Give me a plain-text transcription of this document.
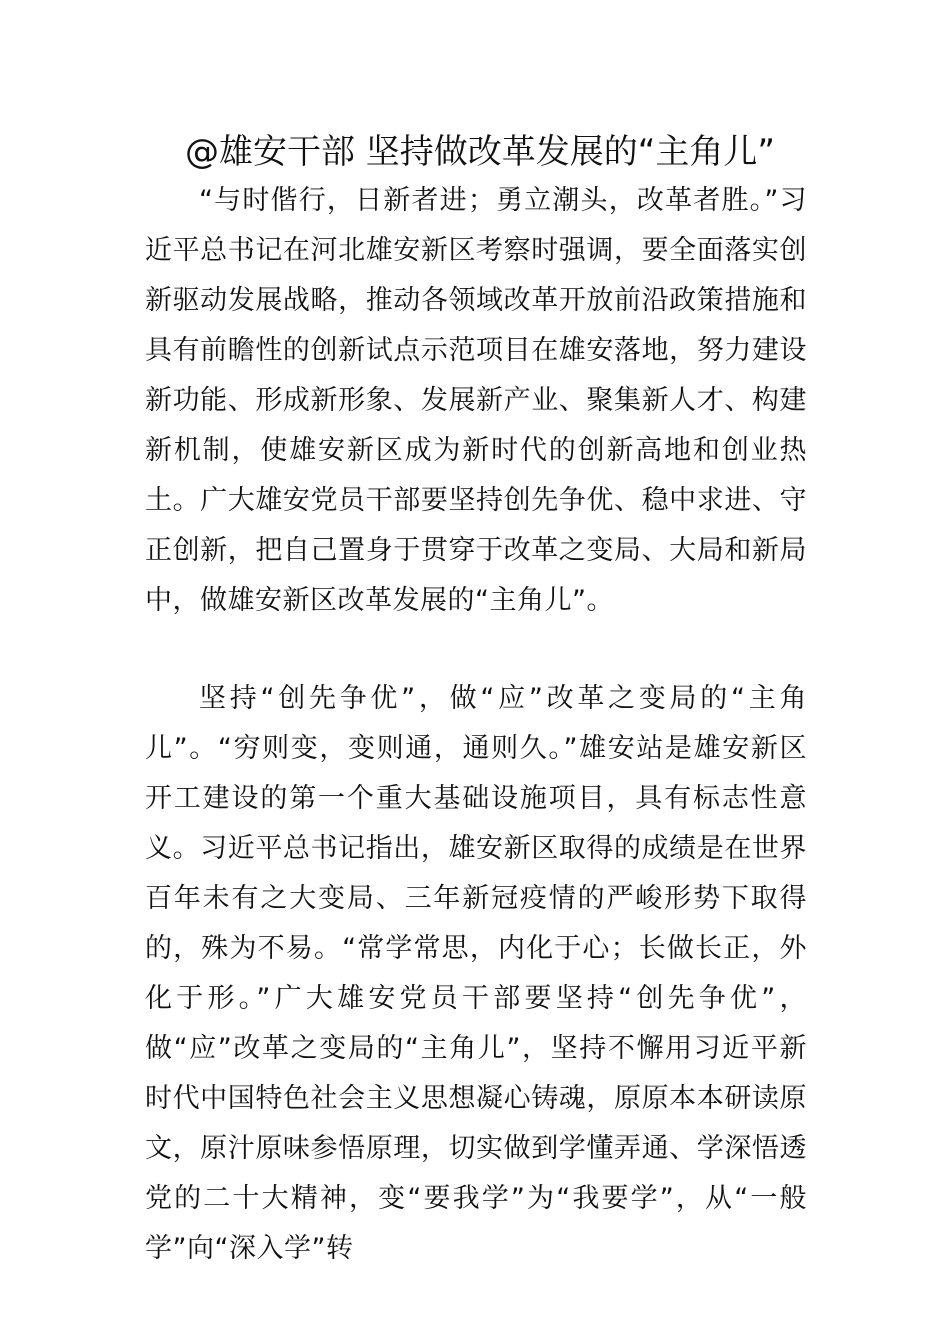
@雄安干部 坚持做改革发展的“主角儿”

“与时偕行，日新者进；勇立潮头，改革者胜。”习近平总书记在河北雄安新区考察时强调，要全面落实创新驱动发展战略，推动各领域改革开放前沿政策措施和具有前瞻性的创新试点示范项目在雄安落地，努力建设新功能、形成新形象、发展新产业、聚集新人才、构建新机制，使雄安新区成为新时代的创新高地和创业热土。广大雄安党员干部要坚持创先争优、稳中求进、守正创新，把自己置身于贯穿于改革之变局、大局和新局中，做雄安新区改革发展的“主角儿”。

坚持“创先争优”，做“应”改革之变局的“主角儿”。“穷则变，变则通，通则久。”雄安站是雄安新区开工建设的第一个重大基础设施项目，具有标志性意义。习近平总书记指出，雄安新区取得的成绩是在世界百年未有之大变局、三年新冠疫情的严峻形势下取得的，殊为不易。“常学常思，内化于心；长做长正，外化于形。”广大雄安党员干部要坚持“创先争优”，做“应”改革之变局的“主角儿”，坚持不懈用习近平新时代中国特色社会主义思想凝心铸魂，原原本本研读原文，原汁原味参悟原理，切实做到学懂弄通、学深悟透党的二十大精神，变“要我学”为“我要学”，从“一般学”向“深入学”转
